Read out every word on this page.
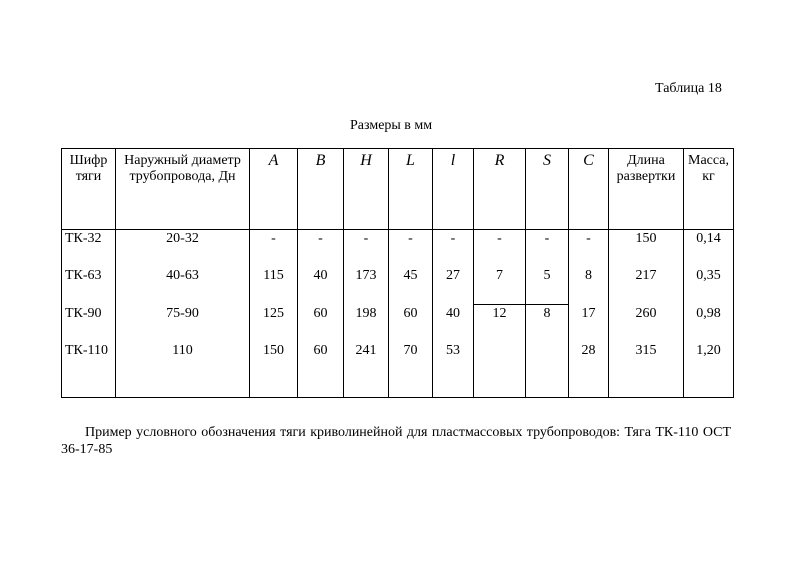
Таблица 18
Размеры в мм
Шифр тяги	Наружный диаметр трубопровода, Дн	A	B	H	L	l	R	S	C	Длина развертки	Масса, кг
ТК-32	20-32	-	-	-	-	-	-	-	-	150	0,14
ТК-63	40-63	115	40	173	45	27	7	5	8	217	0,35
ТК-90	75-90	125	60	198	60	40	12	8	17	260	0,98
ТК-110	110	150	60	241	70	53			28	315	1,20
Пример условного обозначения тяги криволинейной для пластмассовых трубопроводов: Тяга ТК-110 ОСТ 36-17-85
